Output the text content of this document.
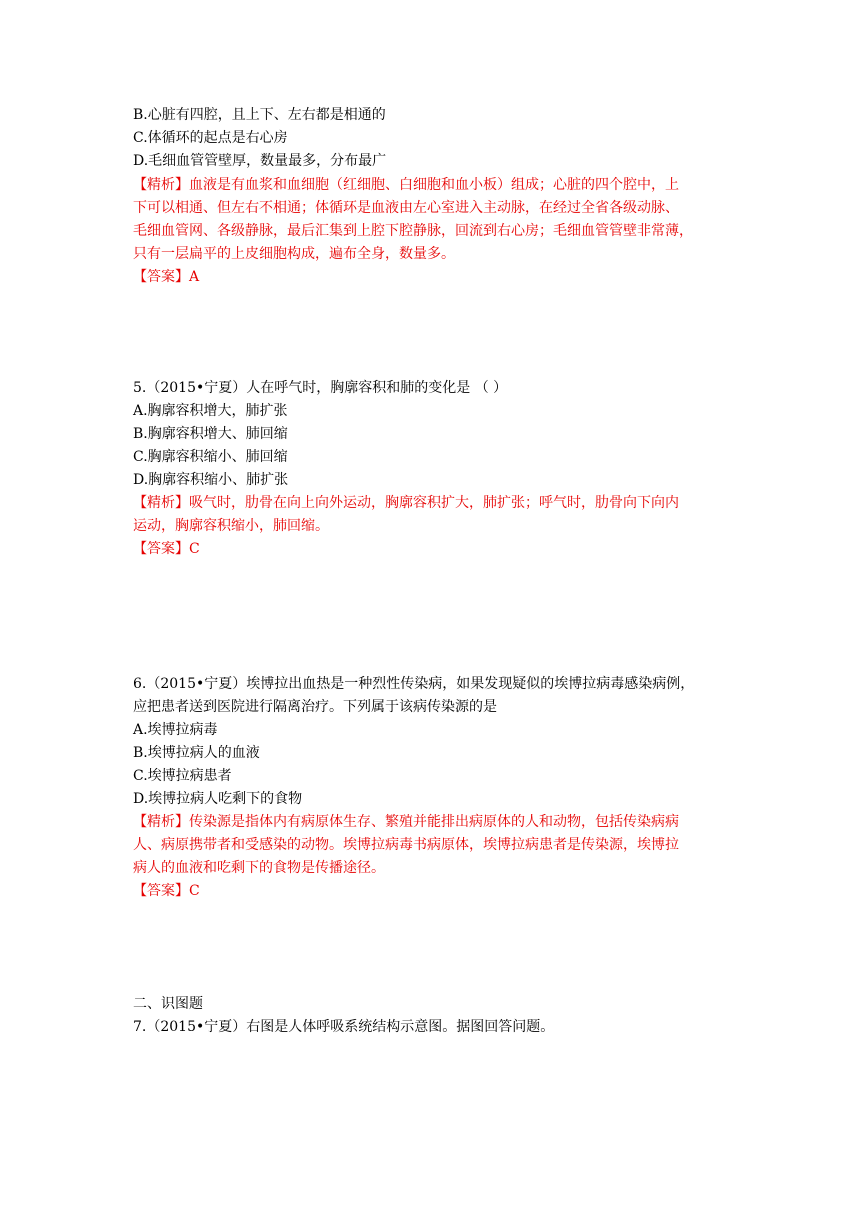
B.心脏有四腔，且上下、左右都是相通的
C.体循环的起点是右心房
D.毛细血管管壁厚，数量最多，分布最广
【精析】血液是有血浆和血细胞（红细胞、白细胞和血小板）组成；心脏的四个腔中，上
下可以相通、但左右不相通；体循环是血液由左心室进入主动脉，在经过全省各级动脉、
毛细血管网、各级静脉，最后汇集到上腔下腔静脉，回流到右心房；毛细血管管壁非常薄，
只有一层扁平的上皮细胞构成，遍布全身，数量多。
【答案】A
5.（2015•宁夏）人在呼气时，胸廓容积和肺的变化是 （ ）
A.胸廓容积增大，肺扩张
B.胸廓容积增大、肺回缩
C.胸廓容积缩小、肺回缩
D.胸廓容积缩小、肺扩张
【精析】吸气时，肋骨在向上向外运动，胸廓容积扩大，肺扩张；呼气时，肋骨向下向内
运动，胸廓容积缩小，肺回缩。
【答案】C
6.（2015•宁夏）埃博拉出血热是一种烈性传染病，如果发现疑似的埃博拉病毒感染病例，
应把患者送到医院进行隔离治疗。下列属于该病传染源的是
A.埃博拉病毒
B.埃博拉病人的血液
C.埃博拉病患者
D.埃博拉病人吃剩下的食物
【精析】传染源是指体内有病原体生存、繁殖并能排出病原体的人和动物，包括传染病病
人、病原携带者和受感染的动物。埃博拉病毒书病原体，埃博拉病患者是传染源，埃博拉
病人的血液和吃剩下的食物是传播途径。
【答案】C
二、识图题
7.（2015•宁夏）右图是人体呼吸系统结构示意图。据图回答问题。
